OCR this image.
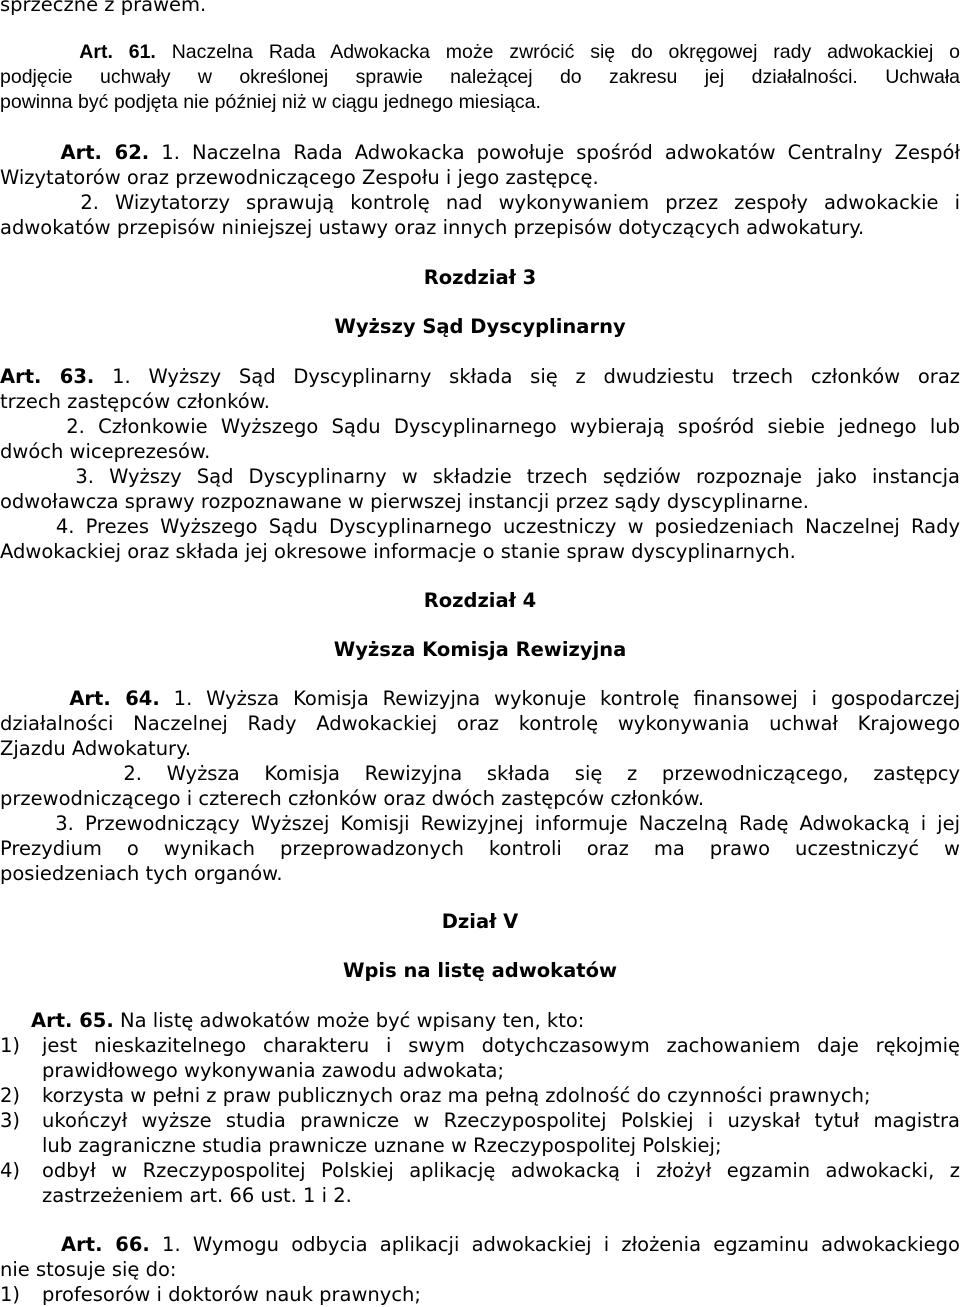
sprzeczne z prawem.
Art. 61. Naczelna Rada Adwokacka może zwrócić się do okręgowej rady adwokackiej o
podjęcie uchwały w określonej sprawie należącej do zakresu jej działalności. Uchwała
powinna być podjęta nie później niż w ciągu jednego miesiąca.
Art. 62. 1. Naczelna Rada Adwokacka powołuje spośród adwokatów Centralny Zespół
Wizytatorów oraz przewodniczącego Zespołu i jego zastępcę.
2. Wizytatorzy sprawują kontrolę nad wykonywaniem przez zespoły adwokackie i
adwokatów przepisów niniejszej ustawy oraz innych przepisów dotyczących adwokatury.
Rozdział 3
Wyższy Sąd Dyscyplinarny
Art. 63. 1. Wyższy Sąd Dyscyplinarny składa się z dwudziestu trzech członków oraz
trzech zastępców członków.
2. Członkowie Wyższego Sądu Dyscyplinarnego wybierają spośród siebie jednego lub
dwóch wiceprezesów.
3. Wyższy Sąd Dyscyplinarny w składzie trzech sędziów rozpoznaje jako instancja
odwoławcza sprawy rozpoznawane w pierwszej instancji przez sądy dyscyplinarne.
4. Prezes Wyższego Sądu Dyscyplinarnego uczestniczy w posiedzeniach Naczelnej Rady
Adwokackiej oraz składa jej okresowe informacje o stanie spraw dyscyplinarnych.
Rozdział 4
Wyższa Komisja Rewizyjna
Art. 64. 1. Wyższa Komisja Rewizyjna wykonuje kontrolę finansowej i gospodarczej
działalności Naczelnej Rady Adwokackiej oraz kontrolę wykonywania uchwał Krajowego
Zjazdu Adwokatury.
2. Wyższa Komisja Rewizyjna składa się z przewodniczącego, zastępcy
przewodniczącego i czterech członków oraz dwóch zastępców członków.
3. Przewodniczący Wyższej Komisji Rewizyjnej informuje Naczelną Radę Adwokacką i jej
Prezydium o wynikach przeprowadzonych kontroli oraz ma prawo uczestniczyć w
posiedzeniach tych organów.
Dział V
Wpis na listę adwokatów
Art. 65. Na listę adwokatów może być wpisany ten, kto:
1) jest nieskazitelnego charakteru i swym dotychczasowym zachowaniem daje rękojmię
prawidłowego wykonywania zawodu adwokata;
2) korzysta w pełni z praw publicznych oraz ma pełną zdolność do czynności prawnych;
3) ukończył wyższe studia prawnicze w Rzeczypospolitej Polskiej i uzyskał tytuł magistra
lub zagraniczne studia prawnicze uznane w Rzeczypospolitej Polskiej;
4) odbył w Rzeczypospolitej Polskiej aplikację adwokacką i złożył egzamin adwokacki, z
zastrzeżeniem art. 66 ust. 1 i 2.
Art. 66. 1. Wymogu odbycia aplikacji adwokackiej i złożenia egzaminu adwokackiego
nie stosuje się do:
1) profesorów i doktorów nauk prawnych;
